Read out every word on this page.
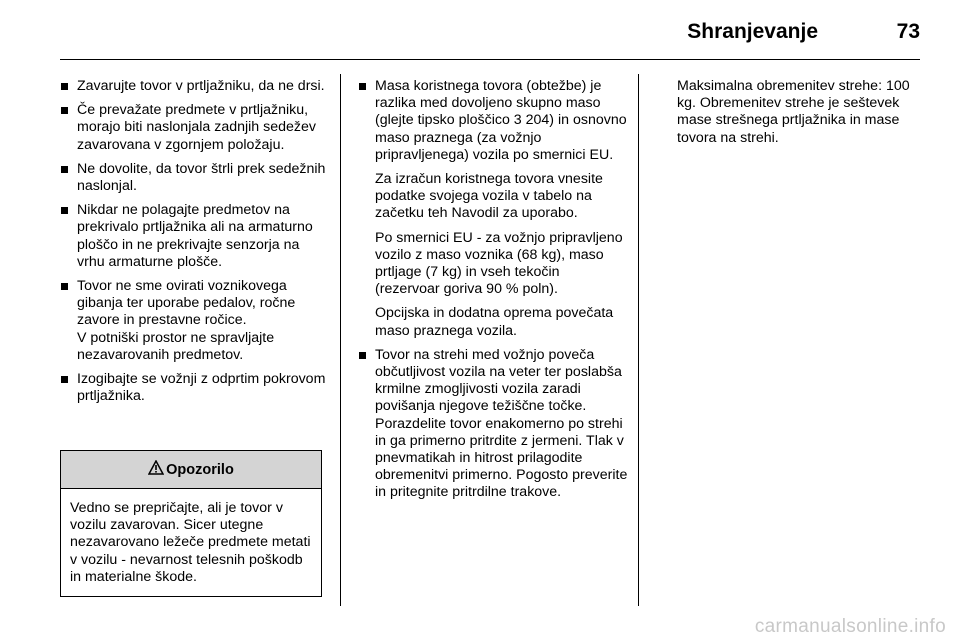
Shranjevanje	73
Zavarujte tovor v prtljažniku, da ne drsi.
Če prevažate predmete v prtljažniku, morajo biti naslonjala zadnjih sedežev zavarovana v zgornjem položaju.
Ne dovolite, da tovor štrli prek sedežnih naslonjal.
Nikdar ne polagajte predmetov na prekrivalo prtljažnika ali na armaturno ploščo in ne prekrivajte senzorja na vrhu armaturne plošče.
Tovor ne sme ovirati voznikovega gibanja ter uporabe pedalov, ročne zavore in prestavne ročice.
V potniški prostor ne spravljajte nezavarovanih predmetov.
Izogibajte se vožnji z odprtim pokrovom prtljažnika.
Opozorilo
Vedno se prepričajte, ali je tovor v vozilu zavarovan. Sicer utegne nezavarovano ležeče predmete metati v vozilu - nevarnost telesnih poškodb in materialne škode.

Masa koristnega tovora (obtežbe) je razlika med dovoljeno skupno maso (glejte tipsko ploščico 3 204) in osnovno maso praznega (za vožnjo pripravljenega) vozila po smernici EU.

Za izračun koristnega tovora vnesite podatke svojega vozila v tabelo na začetku teh Navodil za uporabo.

Po smernici EU - za vožnjo pripravljeno vozilo z maso voznika (68 kg), maso prtljage (7 kg) in vseh tekočin (rezervoar goriva 90 % poln).

Opcijska in dodatna oprema povečata maso praznega vozila.

Tovor na strehi med vožnjo poveča občutljivost vozila na veter ter poslabša krmilne zmogljivosti vozila zaradi povišanja njegove težiščne točke. Porazdelite tovor enakomerno po strehi in ga primerno pritrdite z jermeni. Tlak v pnevmatikah in hitrost prilagodite obremenitvi primerno. Pogosto preverite in pritegnite pritrdilne trakove.

Maksimalna obremenitev strehe: 100 kg. Obremenitev strehe je seštevek mase strešnega prtljažnika in mase tovora na strehi.

carmanualsonline.info
